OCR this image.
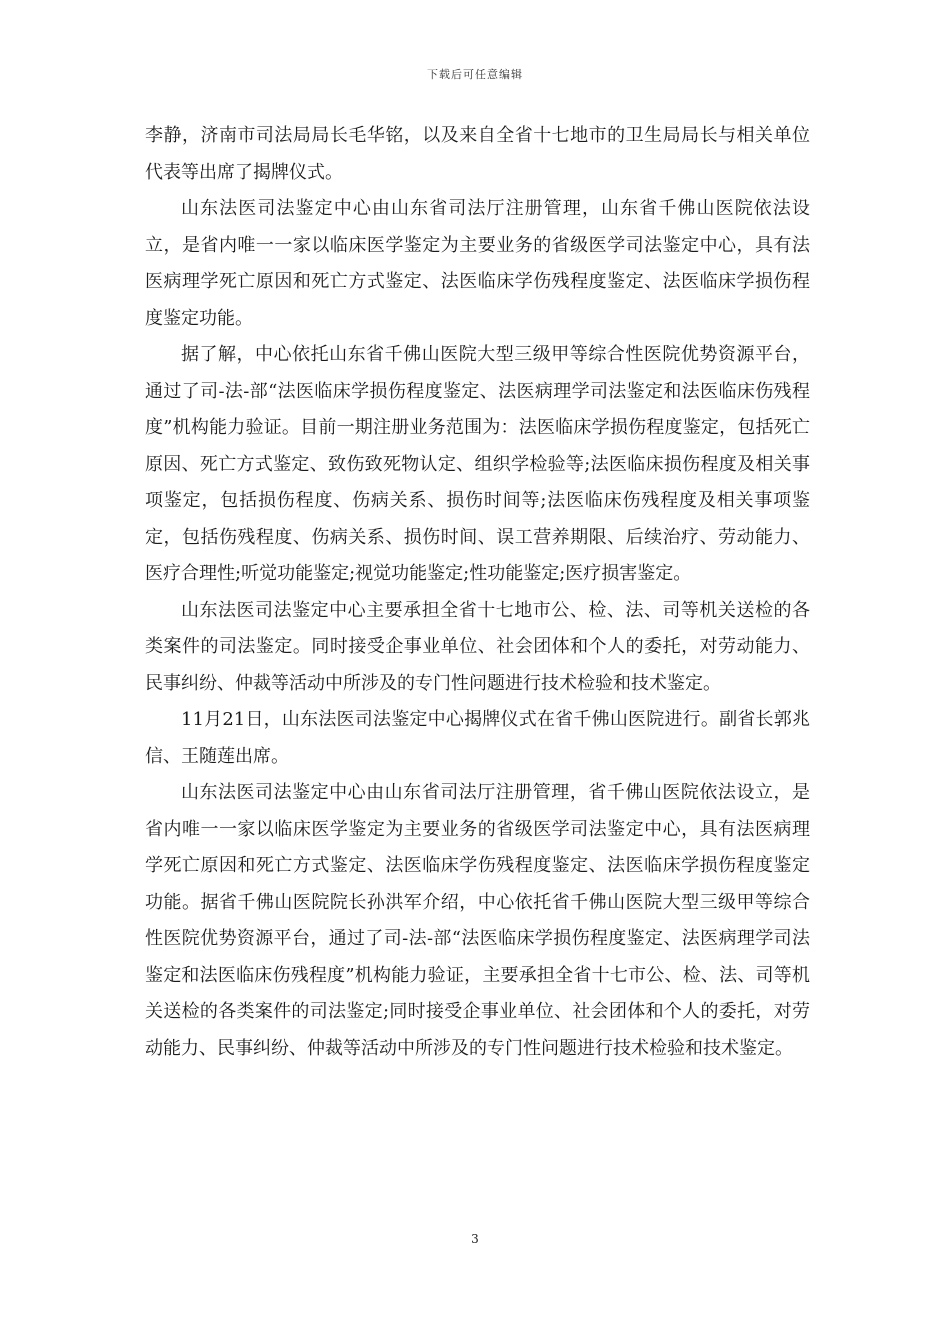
下载后可任意编辑

李静，济南市司法局局长毛华铭，以及来自全省十七地市的卫生局局长与相关单位代表等出席了揭牌仪式。

山东法医司法鉴定中心由山东省司法厅注册管理，山东省千佛山医院依法设立，是省内唯一一家以临床医学鉴定为主要业务的省级医学司法鉴定中心，具有法医病理学死亡原因和死亡方式鉴定、法医临床学伤残程度鉴定、法医临床学损伤程度鉴定功能。

据了解，中心依托山东省千佛山医院大型三级甲等综合性医院优势资源平台，通过了司-法-部“法医临床学损伤程度鉴定、法医病理学司法鉴定和法医临床伤残程度”机构能力验证。目前一期注册业务范围为：法医临床学损伤程度鉴定，包括死亡原因、死亡方式鉴定、致伤致死物认定、组织学检验等;法医临床损伤程度及相关事项鉴定，包括损伤程度、伤病关系、损伤时间等;法医临床伤残程度及相关事项鉴定，包括伤残程度、伤病关系、损伤时间、误工营养期限、后续治疗、劳动能力、医疗合理性;听觉功能鉴定;视觉功能鉴定;性功能鉴定;医疗损害鉴定。

山东法医司法鉴定中心主要承担全省十七地市公、检、法、司等机关送检的各类案件的司法鉴定。同时接受企事业单位、社会团体和个人的委托，对劳动能力、民事纠纷、仲裁等活动中所涉及的专门性问题进行技术检验和技术鉴定。

11月21日，山东法医司法鉴定中心揭牌仪式在省千佛山医院进行。副省长郭兆信、王随莲出席。

山东法医司法鉴定中心由山东省司法厅注册管理，省千佛山医院依法设立，是省内唯一一家以临床医学鉴定为主要业务的省级医学司法鉴定中心，具有法医病理学死亡原因和死亡方式鉴定、法医临床学伤残程度鉴定、法医临床学损伤程度鉴定功能。据省千佛山医院院长孙洪军介绍，中心依托省千佛山医院大型三级甲等综合性医院优势资源平台，通过了司-法-部“法医临床学损伤程度鉴定、法医病理学司法鉴定和法医临床伤残程度”机构能力验证，主要承担全省十七市公、检、法、司等机关送检的各类案件的司法鉴定;同时接受企事业单位、社会团体和个人的委托，对劳动能力、民事纠纷、仲裁等活动中所涉及的专门性问题进行技术检验和技术鉴定。

3
